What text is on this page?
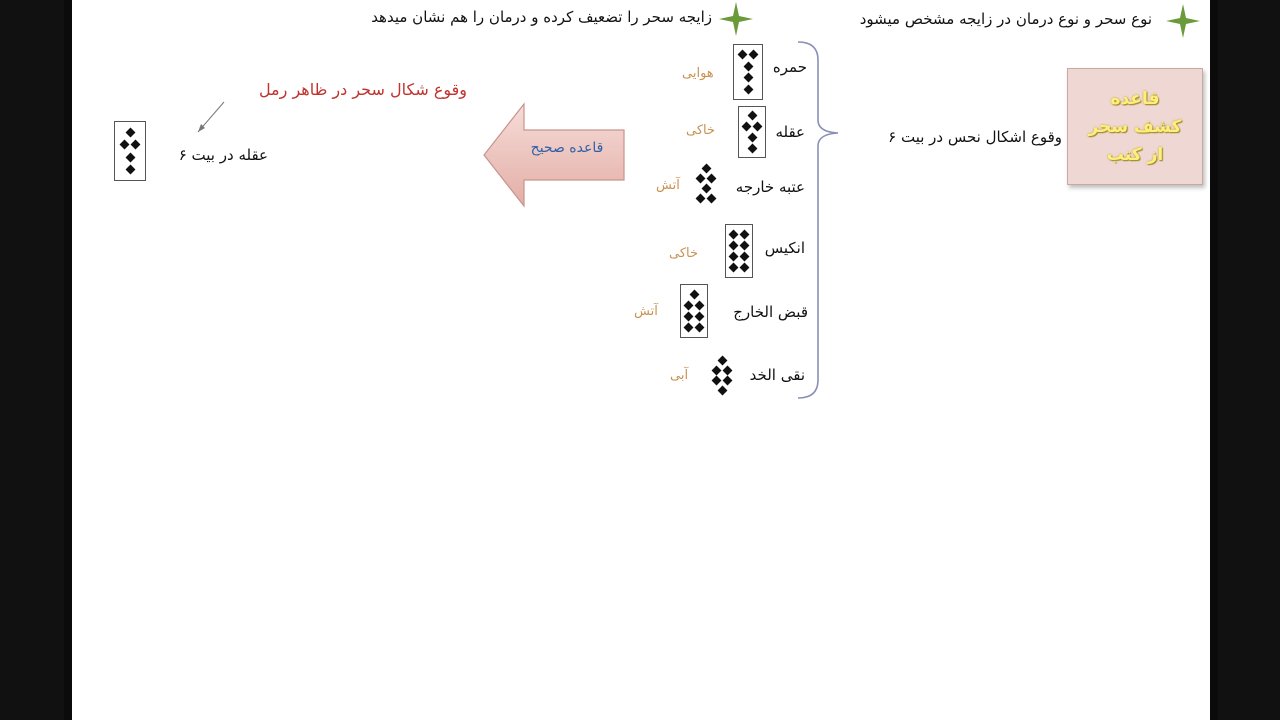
نوع سحر و نوع درمان در زایجه مشخص میشود
زایجه سحر را تضعیف کرده و درمان را هم نشان میدهد
قاعده
کشف سحر
از کتب
وقوع اشکال نحس در بیت ۶
حمره
عقله
عتبه خارجه
انکیس
قبض الخارج
نقی الخد
هوایی
خاکی
آتش
خاکی
آتش
آبی
قاعده صحیح
وقوع شکال سحر در ظاهر رمل
عقله در بیت ۶
